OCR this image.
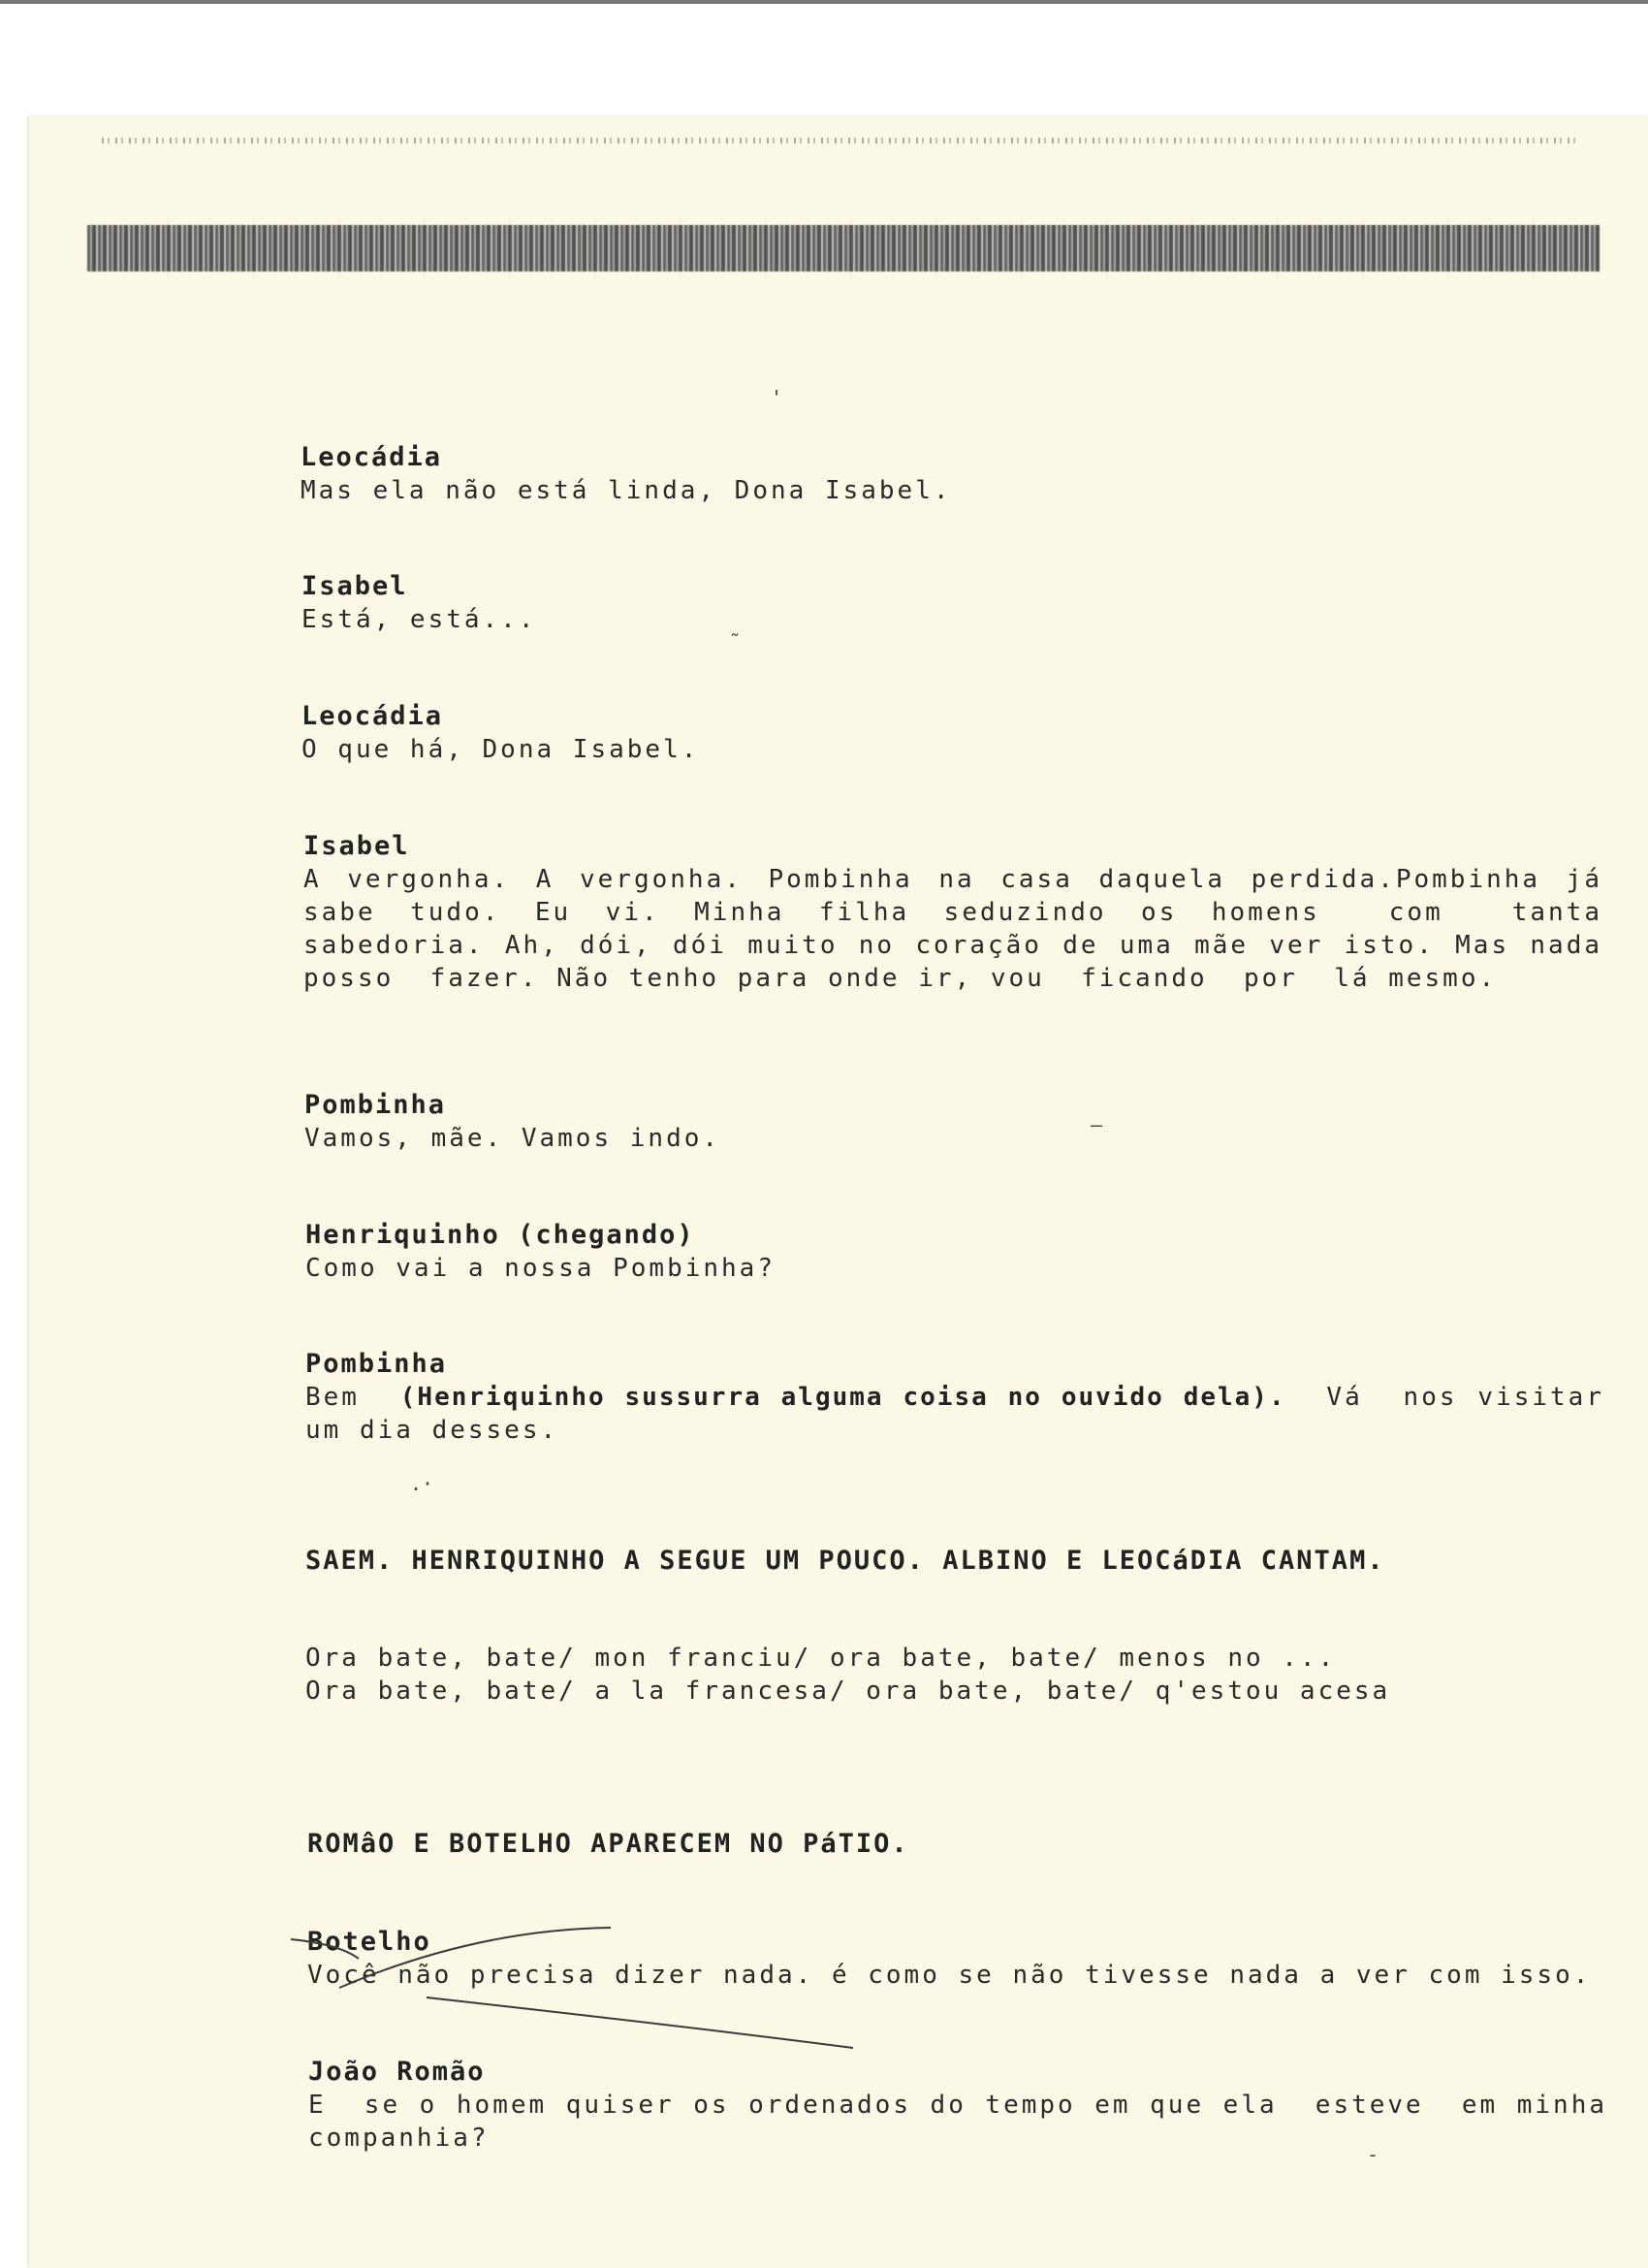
'
Leocádia
Mas ela não está linda, Dona Isabel.
Isabel
Está, está...
Leocádia
O que há, Dona Isabel.
Isabel
A vergonha. A vergonha. Pombinha na casa daquela perdida.Pombinha já  sabe tudo. Eu vi. Minha filha seduzindo os homens  com  tanta sabedoria. Ah, dói, dói muito no coração de uma mãe ver isto. Mas nada  posso  fazer. Não tenho para onde ir, vou  ficando  por  lá mesmo.
Pombinha
Vamos, mãe. Vamos indo.
Henriquinho (chegando)
Como vai a nossa Pombinha?
Pombinha
Bem  (Henriquinho sussurra alguma coisa no ouvido dela).  Vá  nos visitar um dia desses.
.·
SAEM. HENRIQUINHO A SEGUE UM POUCO. ALBINO E LEOCáDIA CANTAM.
Ora bate, bate/ mon franciu/ ora bate, bate/ menos no ...
Ora bate, bate/ a la francesa/ ora bate, bate/ q'estou acesa
ROMâO E BOTELHO APARECEM NO PáTIO.
Botelho
Você não precisa dizer nada. é como se não tivesse nada a ver com isso.
João Romão
E  se o homem quiser os ordenados do tempo em que ela  esteve  em minha companhia?
‒
˜
-
